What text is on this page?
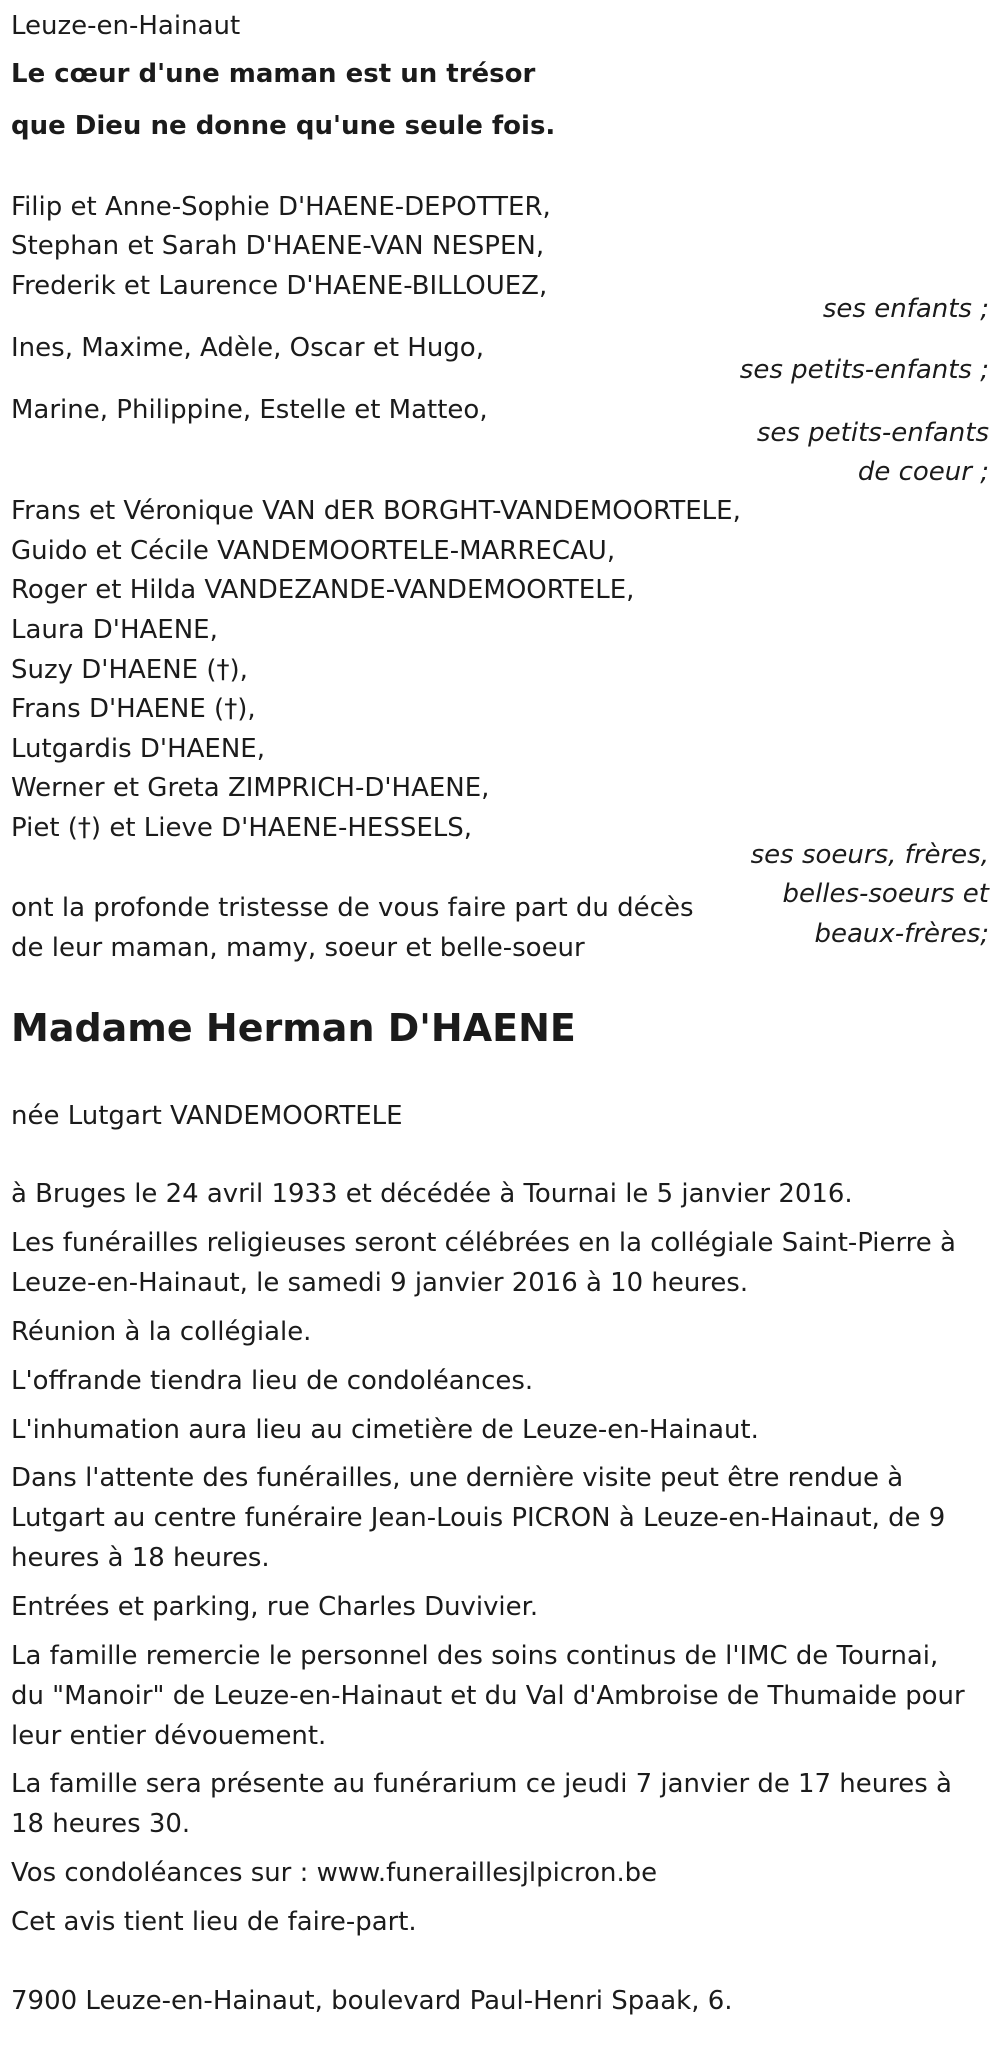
Leuze-en-Hainaut

Le cœur d'une maman est un trésor

que Dieu ne donne qu'une seule fois.

Filip et Anne-Sophie D'HAENE-DEPOTTER,

Stephan et Sarah D'HAENE-VAN NESPEN,

Frederik et Laurence D'HAENE-BILLOUEZ,

ses enfants ;

Ines, Maxime, Adèle, Oscar et Hugo,

ses petits-enfants ;

Marine, Philippine, Estelle et Matteo,

ses petits-enfants

de coeur ;

Frans et Véronique VAN dER BORGHT-VANDEMOORTELE,

Guido et Cécile VANDEMOORTELE-MARRECAU,

Roger et Hilda VANDEZANDE-VANDEMOORTELE,

Laura D'HAENE,

Suzy D'HAENE (†),

Frans D'HAENE (†),

Lutgardis D'HAENE,

Werner et Greta ZIMPRICH-D'HAENE,

Piet (†) et Lieve D'HAENE-HESSELS,

ses soeurs, frères,

belles-soeurs et

beaux-frères;

ont la profonde tristesse de vous faire part du décès

de leur maman, mamy, soeur et belle-soeur

Madame Herman D'HAENE

née Lutgart VANDEMOORTELE

à Bruges le 24 avril 1933 et décédée à Tournai le 5 janvier 2016.

Les funérailles religieuses seront célébrées en la collégiale Saint-Pierre à
Leuze-en-Hainaut, le samedi 9 janvier 2016 à 10 heures.

Réunion à la collégiale.

L'offrande tiendra lieu de condoléances.

L'inhumation aura lieu au cimetière de Leuze-en-Hainaut.

Dans l'attente des funérailles, une dernière visite peut être rendue à
Lutgart au centre funéraire Jean-Louis PICRON à Leuze-en-Hainaut, de 9
heures à 18 heures.

Entrées et parking, rue Charles Duvivier.

La famille remercie le personnel des soins continus de l'IMC de Tournai,
du "Manoir" de Leuze-en-Hainaut et du Val d'Ambroise de Thumaide pour
leur entier dévouement.

La famille sera présente au funérarium ce jeudi 7 janvier de 17 heures à
18 heures 30.

Vos condoléances sur : www.funeraillesjlpicron.be

Cet avis tient lieu de faire-part.

7900 Leuze-en-Hainaut, boulevard Paul-Henri Spaak, 6.
